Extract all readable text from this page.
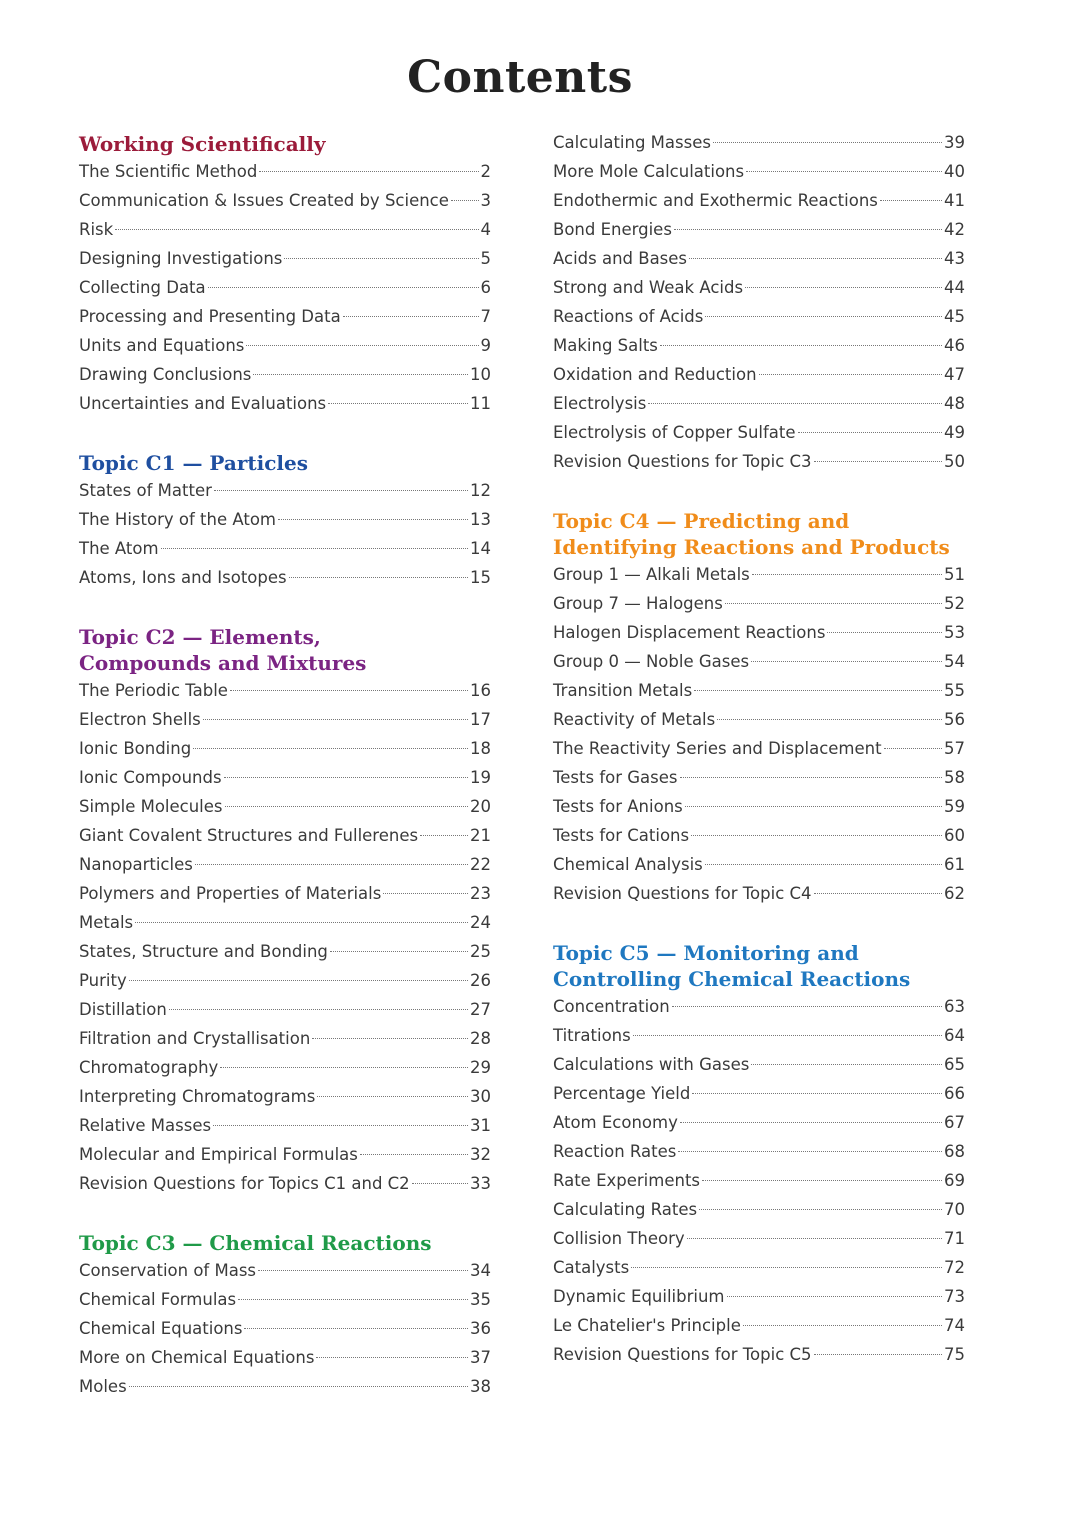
Contents
Working Scientifically
The Scientific Method	2
Communication & Issues Created by Science 3
Risk	4
Designing Investigations	5
Collecting Data	6
Processing and Presenting Data	7
Units and Equations	9
Drawing Conclusions	10
Uncertainties and Evaluations	11
Topic C1 — Particles
States of Matter	12
The History of the Atom	13
The Atom	14
Atoms, Ions and Isotopes	15
Topic C2 — Elements, Compounds and Mixtures
The Periodic Table	16
Electron Shells	17
Ionic Bonding	18
Ionic Compounds	19
Simple Molecules	20
Giant Covalent Structures and Fullerenes	21
Nanoparticles	22
Polymers and Properties of Materials	23
Metals	24
States, Structure and Bonding	25
Purity	26
Distillation	27
Filtration and Crystallisation	28
Chromatography	29
Interpreting Chromatograms	30
Relative Masses	31
Molecular and Empirical Formulas	32
Revision Questions for Topics C1 and C2	33
Topic C3 — Chemical Reactions
Conservation of Mass	34
Chemical Formulas	35
Chemical Equations	36
More on Chemical Equations	37
Moles	38
Calculating Masses	39
More Mole Calculations	40
Endothermic and Exothermic Reactions	41
Bond Energies	42
Acids and Bases	43
Strong and Weak Acids	44
Reactions of Acids	45
Making Salts	46
Oxidation and Reduction	47
Electrolysis	48
Electrolysis of Copper Sulfate	49
Revision Questions for Topic C3	50
Topic C4 — Predicting and Identifying Reactions and Products
Group 1 — Alkali Metals	51
Group 7 — Halogens	52
Halogen Displacement Reactions	53
Group 0 — Noble Gases	54
Transition Metals	55
Reactivity of Metals	56
The Reactivity Series and Displacement	57
Tests for Gases	58
Tests for Anions	59
Tests for Cations	60
Chemical Analysis	61
Revision Questions for Topic C4	62
Topic C5 — Monitoring and Controlling Chemical Reactions
Concentration	63
Titrations	64
Calculations with Gases	65
Percentage Yield	66
Atom Economy	67
Reaction Rates	68
Rate Experiments	69
Calculating Rates	70
Collision Theory	71
Catalysts	72
Dynamic Equilibrium	73
Le Chatelier's Principle	74
Revision Questions for Topic C5	75
